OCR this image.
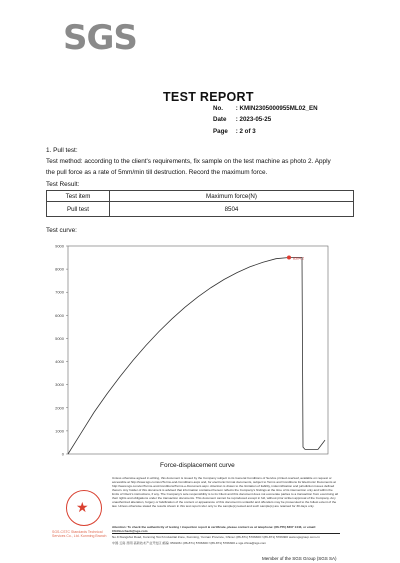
SGS
TEST REPORT
No. : KMIN2305000955ML02_EN
Date : 2023-05-25
Page : 2 of 3
1. Pull test:
Test method: according to the client's requirements, fix sample on the test machine as photo 2. Apply
the pull force as a rate of 5mm/min till destruction. Record the maximum force.
Test Result:
Test item	Maximum force(N)
Pull test	8504
Test curve:
9000
8000
7000
6000
5000
4000
3000
2000
1000
0
8504.2
Force-displacement curve
Unless otherwise agreed in writing, this document is issued by the Company subject to its General Conditions of Service printed overleaf, available on request or accessible at http://www.sgs.com/en/Terms-and-Conditions.aspx and, for electronic format documents, subject to Terms and Conditions for Electronic Documents at http://www.sgs.com/en/Terms-and-Conditions/Terms-e-Document.aspx. Attention is drawn to the limitation of liability, indemnification and jurisdiction issues defined therein. Any holder of this document is advised that information contained hereon reflects the Company's findings at the time of its intervention only and within the limits of Client's instructions, if any. The Company's sole responsibility is to its Client and this document does not exonerate parties to a transaction from exercising all their rights and obligations under the transaction documents. This document cannot be reproduced except in full, without prior written approval of the Company. Any unauthorized alteration, forgery or falsification of the content or appearance of this document is unlawful and offenders may be prosecuted to the fullest extent of the law. Unless otherwise stated the results shown in this test report refer only to the sample(s) tested and such sample(s) are retained for 30 days only.
Attention: To check the authenticity of testing / inspection report & certificate, please contact us at telephone: (86-755) 8307 1443, or email: CN.Doccheck@sgs.com
No.9 Xiangshui Road, Kunming Torch Industrial Zone, Kunming, Yunnan Province, China t (86-871) 5706300 f (86-871) 5706300 www.sgsgroup.com.cn
中国·云南·昆明·高新技术产业开发区 邮编: 650106 t (86-871) 5706300 f (86-871) 5706300 e sgs.china@sgs.com
★
SGS-CSTC Standards Technical Services Co., Ltd. Kunming Branch
Member of the SGS Group (SGS SA)
